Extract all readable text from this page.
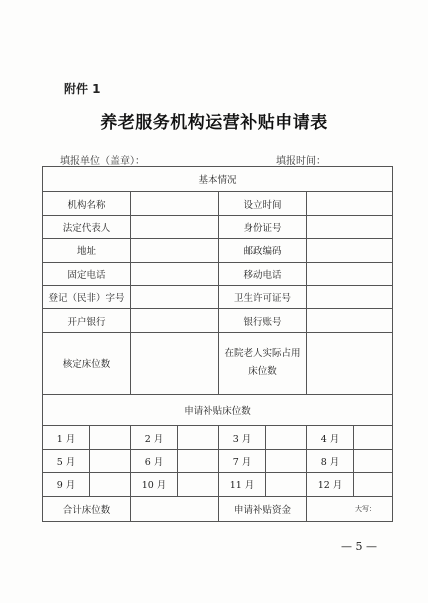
附件 1
养老服务机构运营补贴申请表
填报单位（盖章）：	填报时间：
基本情况							
机构名称				设立时间			
法定代表人				身份证号			
地址				邮政编码			
固定电话				移动电话			
登记（民非）字号				卫生许可证号			
开户银行				银行账号			
核定床位数				在院老人实际占用
床位数			

申请补贴床位数							
1 月		2 月		3 月		4 月	
5 月		6 月		7 月		8 月	
9 月		10 月		11 月		12 月	
合计床位数				申请补贴资金		大写：	
— 5 —
